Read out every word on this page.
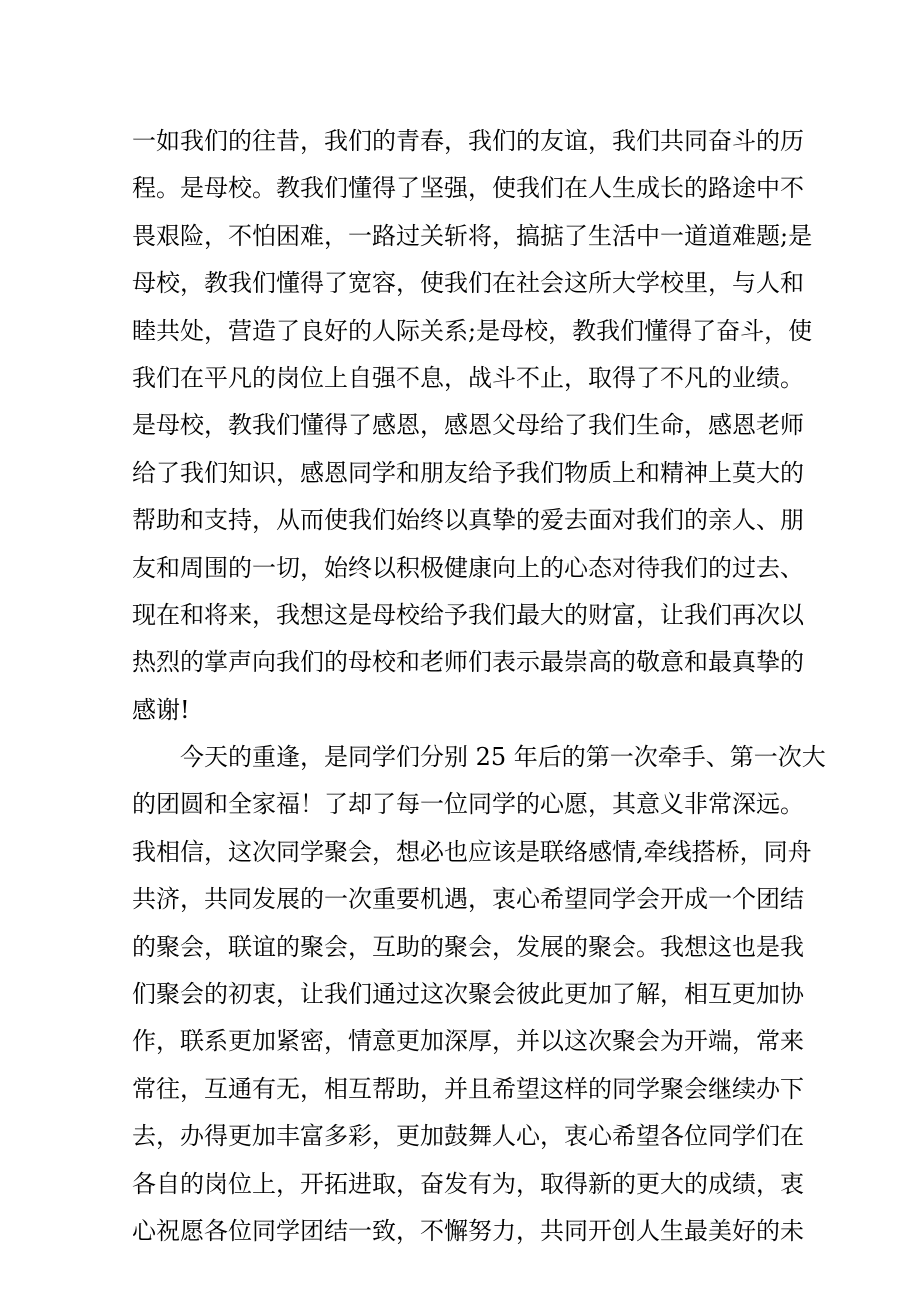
一如我们的往昔，我们的青春，我们的友谊，我们共同奋斗的历
程。是母校。教我们懂得了坚强，使我们在人生成长的路途中不
畏艰险，不怕困难，一路过关斩将，搞掂了生活中一道道难题;是
母校，教我们懂得了宽容，使我们在社会这所大学校里，与人和
睦共处，营造了良好的人际关系;是母校，教我们懂得了奋斗，使
我们在平凡的岗位上自强不息，战斗不止，取得了不凡的业绩。
是母校，教我们懂得了感恩，感恩父母给了我们生命，感恩老师
给了我们知识，感恩同学和朋友给予我们物质上和精神上莫大的
帮助和支持，从而使我们始终以真挚的爱去面对我们的亲人、朋
友和周围的一切，始终以积极健康向上的心态对待我们的过去、
现在和将来，我想这是母校给予我们最大的财富，让我们再次以
热烈的掌声向我们的母校和老师们表示最崇高的敬意和最真挚的
感谢!
今天的重逢，是同学们分别 25 年后的第一次牵手、第一次大
的团圆和全家福！了却了每一位同学的心愿，其意义非常深远。
我相信，这次同学聚会，想必也应该是联络感情,牵线搭桥，同舟
共济，共同发展的一次重要机遇，衷心希望同学会开成一个团结
的聚会，联谊的聚会，互助的聚会，发展的聚会。我想这也是我
们聚会的初衷，让我们通过这次聚会彼此更加了解，相互更加协
作，联系更加紧密，情意更加深厚，并以这次聚会为开端，常来
常往，互通有无，相互帮助，并且希望这样的同学聚会继续办下
去，办得更加丰富多彩，更加鼓舞人心，衷心希望各位同学们在
各自的岗位上，开拓进取，奋发有为，取得新的更大的成绩，衷
心祝愿各位同学团结一致，不懈努力，共同开创人生最美好的未
